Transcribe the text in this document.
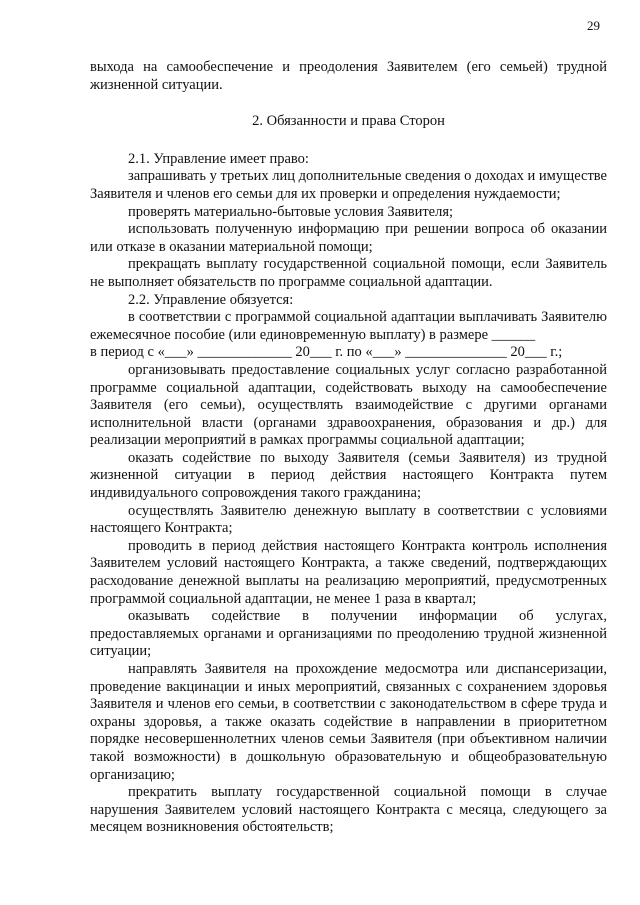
29

выхода на самообеспечение и преодоления Заявителем (его семьей) трудной жизненной ситуации.

2. Обязанности и права Сторон

2.1. Управление имеет право:

запрашивать у третьих лиц дополнительные сведения о доходах и имуществе Заявителя и членов его семьи для их проверки и определения нуждаемости;

проверять материально-бытовые условия Заявителя;

использовать полученную информацию при решении вопроса об оказании или отказе в оказании материальной помощи;

прекращать выплату государственной социальной помощи, если Заявитель не выполняет обязательств по программе социальной адаптации.

2.2. Управление обязуется:

в соответствии с программой социальной адаптации выплачивать Заявителю ежемесячное пособие (или единовременную выплату) в размере ______

в период с «___» _____________ 20___ г. по «___» ______________ 20___ г.;

организовывать предоставление социальных услуг согласно разработанной программе социальной адаптации, содействовать выходу на самообеспечение Заявителя (его семьи), осуществлять взаимодействие с другими органами исполнительной власти (органами здравоохранения, образования и др.) для реализации мероприятий в рамках программы социальной адаптации;

оказать содействие по выходу Заявителя (семьи Заявителя) из трудной жизненной ситуации в период действия настоящего Контракта путем индивидуального сопровождения такого гражданина;

осуществлять Заявителю денежную выплату в соответствии с условиями настоящего Контракта;

проводить в период действия настоящего Контракта контроль исполнения Заявителем условий настоящего Контракта, а также сведений, подтверждающих расходование денежной выплаты на реализацию мероприятий, предусмотренных программой социальной адаптации, не менее 1 раза в квартал;

оказывать содействие в получении информации об услугах, предоставляемых органами и организациями по преодолению трудной жизненной ситуации;

направлять Заявителя на прохождение медосмотра или диспансеризации, проведение вакцинации и иных мероприятий, связанных с сохранением здоровья Заявителя и членов его семьи, в соответствии с законодательством в сфере труда и охраны здоровья, а также оказать содействие в направлении в приоритетном порядке несовершеннолетних членов семьи Заявителя (при объективном наличии такой возможности) в дошкольную образовательную и общеобразовательную организацию;

прекратить выплату государственной социальной помощи в случае нарушения Заявителем условий настоящего Контракта с месяца, следующего за месяцем возникновения обстоятельств;
